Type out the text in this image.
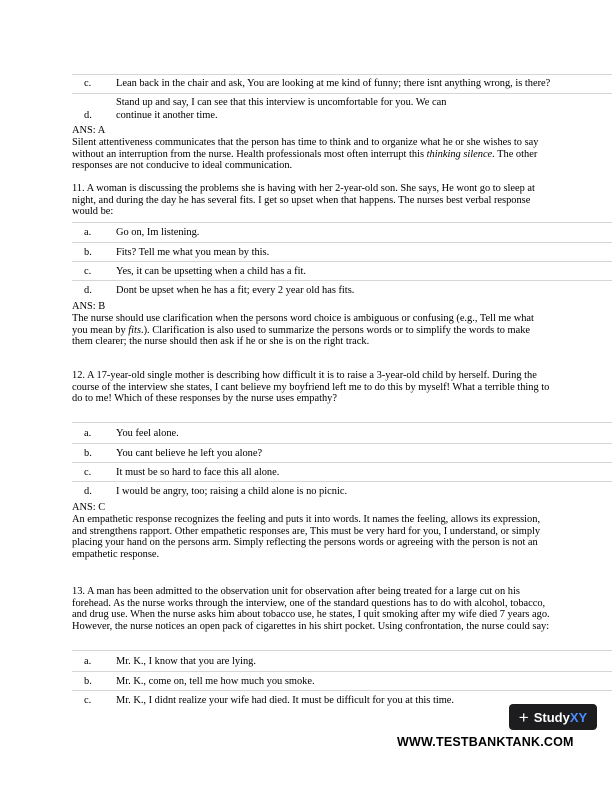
c. Lean back in the chair and ask, You are looking at me kind of funny; there isnt anything wrong, is there?
d.
Stand up and say, I can see that this interview is uncomfortable for you. We can
continue it another time.
ANS: A

Silent attentiveness communicates that the person has time to think and to organize what he or she wishes to say without an interruption from the nurse. Health professionals most often interrupt this thinking silence. The other responses are not conducive to ideal communication.

11. A woman is discussing the problems she is having with her 2-year-old son. She says, He wont go to sleep at night, and during the day he has several fits. I get so upset when that happens. The nurses best verbal response would be:

a. Go on, Im listening.
b. Fits? Tell me what you mean by this.
c. Yes, it can be upsetting when a child has a fit.
d. Dont be upset when he has a fit; every 2 year old has fits.
ANS: B

The nurse should use clarification when the persons word choice is ambiguous or confusing (e.g., Tell me what you mean by fits.). Clarification is also used to summarize the persons words or to simplify the words to make them clearer; the nurse should then ask if he or she is on the right track.

12. A 17-year-old single mother is describing how difficult it is to raise a 3-year-old child by herself. During the course of the interview she states, I cant believe my boyfriend left me to do this by myself! What a terrible thing to do to me! Which of these responses by the nurse uses empathy?

a. You feel alone.
b. You cant believe he left you alone?
c. It must be so hard to face this all alone.
d. I would be angry, too; raising a child alone is no picnic.
ANS: C

An empathetic response recognizes the feeling and puts it into words. It names the feeling, allows its expression, and strengthens rapport. Other empathetic responses are, This must be very hard for you, I understand, or simply placing your hand on the persons arm. Simply reflecting the persons words or agreeing with the person is not an empathetic response.

13. A man has been admitted to the observation unit for observation after being treated for a large cut on his forehead. As the nurse works through the interview, one of the standard questions has to do with alcohol, tobacco, and drug use. When the nurse asks him about tobacco use, he states, I quit smoking after my wife died 7 years ago. However, the nurse notices an open pack of cigarettes in his shirt pocket. Using confrontation, the nurse could say:

a. Mr. K., I know that you are lying.
b. Mr. K., come on, tell me how much you smoke.
c. Mr. K., I didnt realize your wife had died. It must be difficult for you at this time.
+ Study XY
WWW.TESTBANKTANK.COM
